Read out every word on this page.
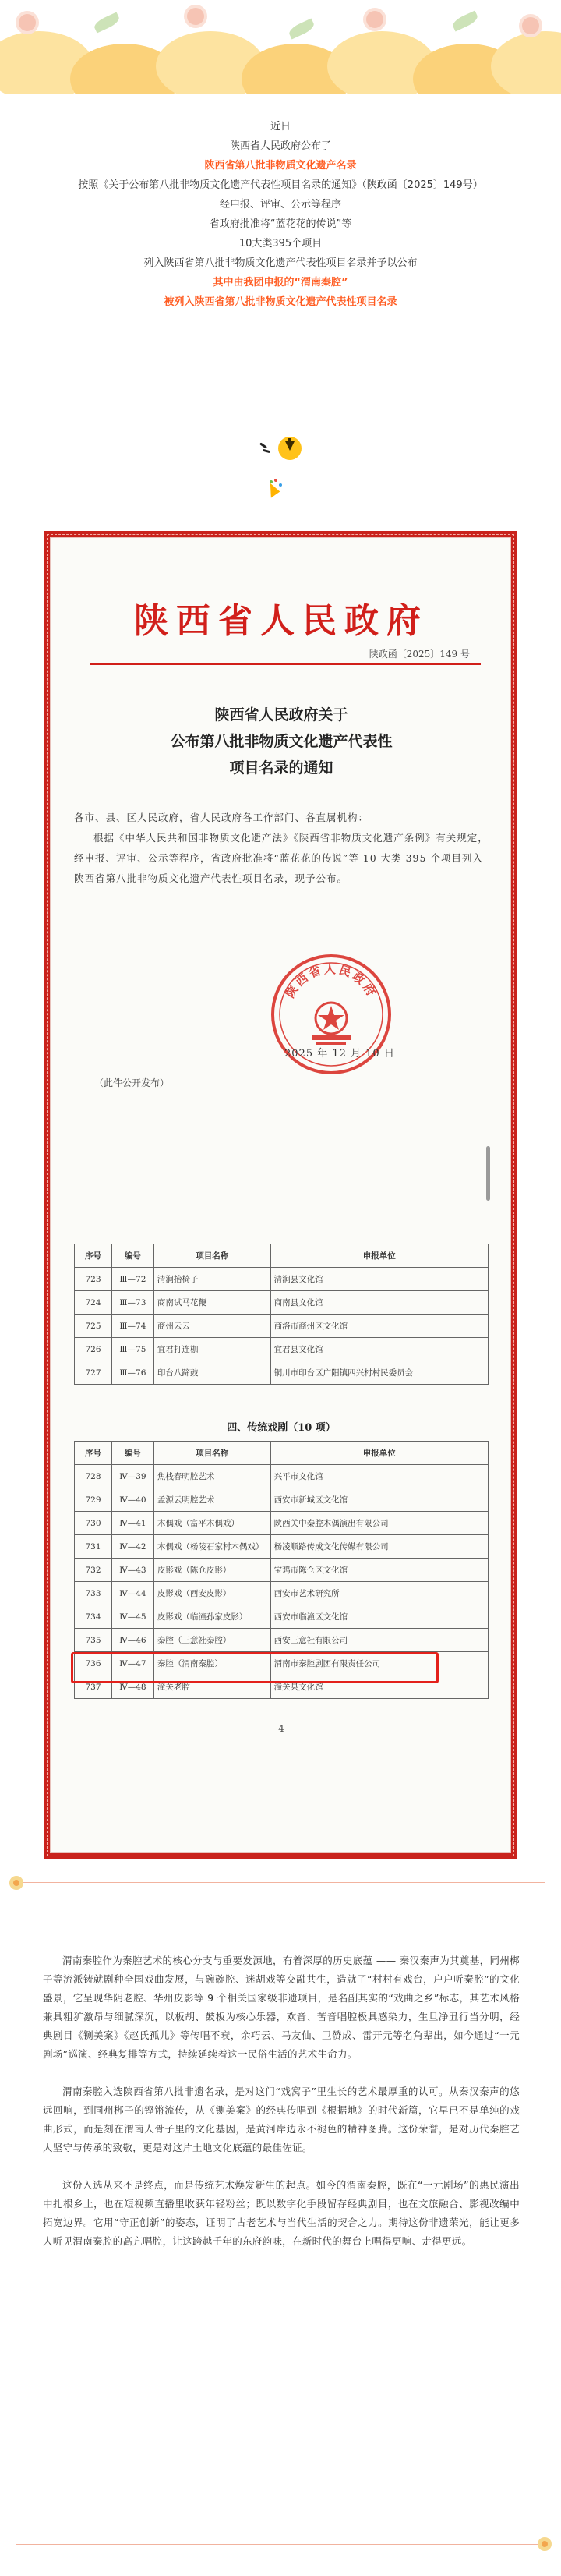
近日

陕西省人民政府公布了

陕西省第八批非物质文化遗产名录

按照《关于公布第八批非物质文化遗产代表性项目名录的通知》（陕政函〔2025〕149号）

经申报、评审、公示等程序

省政府批准将“蓝花花的传说”等

10大类395个项目

列入陕西省第八批非物质文化遗产代表性项目名录并予以公布

其中由我团申报的“渭南秦腔”

被列入陕西省第八批非物质文化遗产代表性项目名录

陕西省人民政府
陕政函〔2025〕149 号
陕西省人民政府关于
公布第八批非物质文化遗产代表性
项目名录的通知

各市、县、区人民政府，省人民政府各工作部门、各直属机构：

根据《中华人民共和国非物质文化遗产法》《陕西省非物质文化遗产条例》有关规定，经申报、评审、公示等程序，省政府批准将“蓝花花的传说”等 10 大类 395 个项目列入陕西省第八批非物质文化遗产代表性项目名录，现予公布。

陕西省人民政府
2025 年 12 月 10 日
（此件公开发布）
序号	编号	项目名称	申报单位
723	Ⅲ—72	清涧抬椅子	清涧县文化馆
724	Ⅲ—73	商南试马花鞭	商南县文化馆
725	Ⅲ—74	商州云云	商洛市商州区文化馆
726	Ⅲ—75	宜君打连枷	宜君县文化馆
727	Ⅲ—76	印台八蹄鼓	铜川市印台区广阳镇四兴村村民委员会
四、传统戏剧（10 项）
序号	编号	项目名称	申报单位
728	Ⅳ—39	焦栈春明腔艺术	兴平市文化馆
729	Ⅳ—40	孟源云明腔艺术	西安市新城区文化馆
730	Ⅳ—41	木偶戏（富平木偶戏）	陕西关中秦腔木偶演出有限公司
731	Ⅳ—42	木偶戏（杨陵石家村木偶戏）	杨凌顺路传成文化传媒有限公司
732	Ⅳ—43	皮影戏（陈仓皮影）	宝鸡市陈仓区文化馆
733	Ⅳ—44	皮影戏（西安皮影）	西安市艺术研究所
734	Ⅳ—45	皮影戏（临潼孙家皮影）	西安市临潼区文化馆
735	Ⅳ—46	秦腔（三意社秦腔）	西安三意社有限公司
736	Ⅳ—47	秦腔（渭南秦腔）	渭南市秦腔剧团有限责任公司
737	Ⅳ—48	潼关老腔	潼关县文化馆
— 4 —

渭南秦腔作为秦腔艺术的核心分支与重要发源地，有着深厚的历史底蕴 —— 秦汉秦声为其奠基，同州梆子等流派铸就剧种全国戏曲发展，与碗碗腔、迷胡戏等交融共生，造就了“村村有戏台，户户听秦腔”的文化盛景，它呈现华阴老腔、华州皮影等 9 个相关国家级非遗项目，是名副其实的“戏曲之乡”标志，其艺术风格兼具粗犷激昂与细腻深沉，以板胡、鼓板为核心乐器，欢音、苦音唱腔极具感染力，生旦净丑行当分明，经典剧目《铡美案》《赵氏孤儿》等传唱不衰，余巧云、马友仙、卫赞成、雷开元等名角辈出，如今通过“一元剧场”巡演、经典复排等方式，持续延续着这一民俗生活的艺术生命力。

渭南秦腔入选陕西省第八批非遗名录，是对这门“戏窝子”里生长的艺术最厚重的认可。从秦汉秦声的悠远回响，到同州梆子的铿锵流传，从《铡美案》的经典传唱到《根据地》的时代新篇，它早已不是单纯的戏曲形式，而是刻在渭南人骨子里的文化基因，是黄河岸边永不褪色的精神图腾。这份荣誉，是对历代秦腔艺人坚守与传承的致敬，更是对这片土地文化底蕴的最佳佐证。

这份入选从来不是终点，而是传统艺术焕发新生的起点。如今的渭南秦腔，既在“一元剧场”的惠民演出中扎根乡土，也在短视频直播里收获年轻粉丝；既以数字化手段留存经典剧目，也在文旅融合、影视改编中拓宽边界。它用“守正创新”的姿态，证明了古老艺术与当代生活的契合之力。期待这份非遗荣光，能让更多人听见渭南秦腔的高亢唱腔，让这跨越千年的东府韵味，在新时代的舞台上唱得更响、走得更远。
